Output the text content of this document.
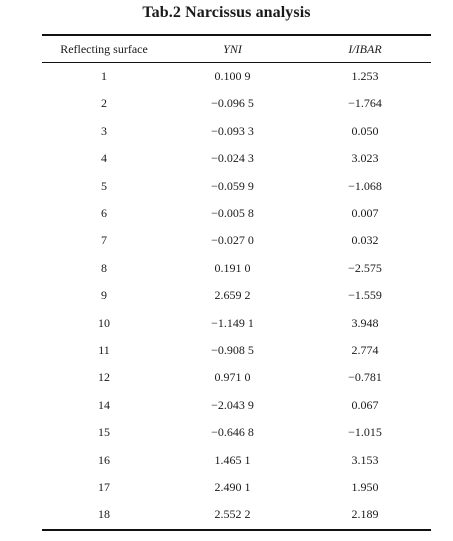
Tab.2 Narcissus analysis
Reflecting surface	YNI	I/IBAR
1	0.100 9	1.253
2	−0.096 5	−1.764
3	−0.093 3	0.050
4	−0.024 3	3.023
5	−0.059 9	−1.068
6	−0.005 8	0.007
7	−0.027 0	0.032
8	0.191 0	−2.575
9	2.659 2	−1.559
10	−1.149 1	3.948
11	−0.908 5	2.774
12	0.971 0	−0.781
14	−2.043 9	0.067
15	−0.646 8	−1.015
16	1.465 1	3.153
17	2.490 1	1.950
18	2.552 2	2.189
